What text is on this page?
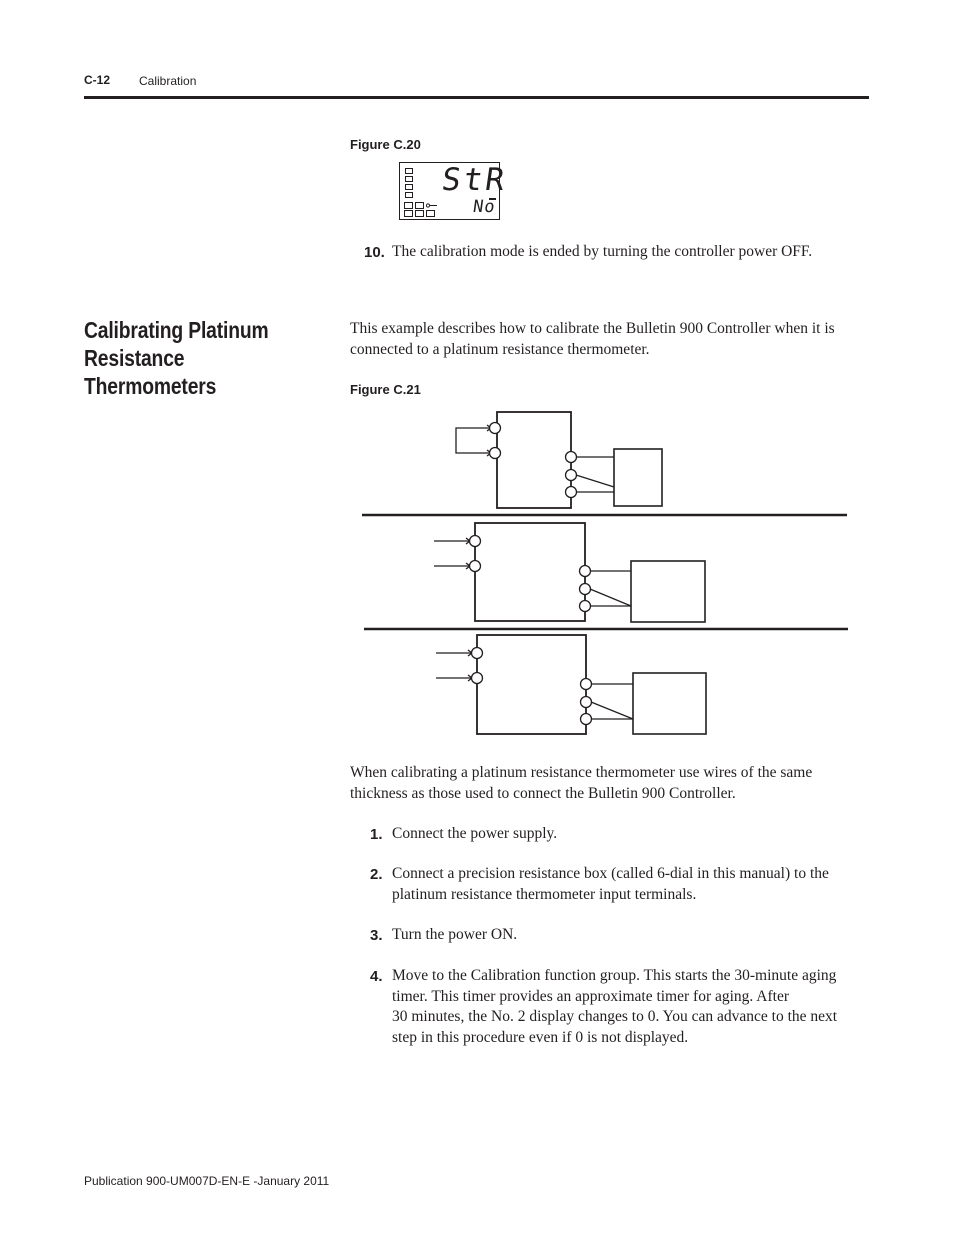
C-12 Calibration
Figure C.20
StR
No
10. The calibration mode is ended by turning the controller power OFF.
Calibrating Platinum
Resistance Thermometers
This example describes how to calibrate the Bulletin 900 Controller when it is
connected to a platinum resistance thermometer.
Figure C.21
When calibrating a platinum resistance thermometer use wires of the same
thickness as those used to connect the Bulletin 900 Controller.
1. Connect the power supply.
2. Connect a precision resistance box (called 6-dial in this manual) to the
platinum resistance thermometer input terminals.
3. Turn the power ON.
4. Move to the Calibration function group. This starts the 30-minute aging
timer. This timer provides an approximate timer for aging. After
30 minutes, the No. 2 display changes to 0. You can advance to the next
step in this procedure even if 0 is not displayed.
Publication 900-UM007D-EN-E -January 2011
